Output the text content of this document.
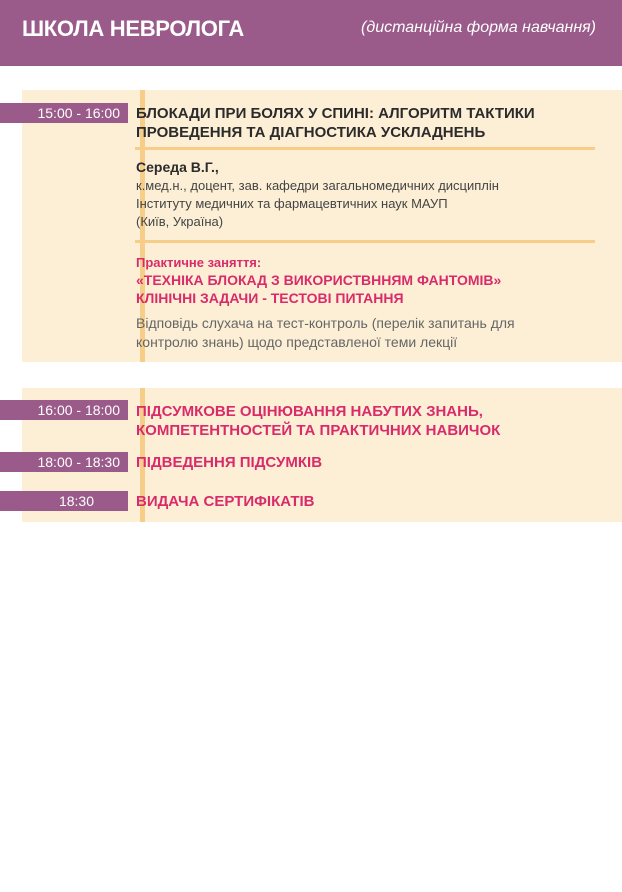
ШКОЛА НЕВРОЛОГА	(дистанційна форма навчання)
15:00 - 16:00	БЛОКАДИ ПРИ БОЛЯХ У СПИНІ: АЛГОРИТМ ТАКТИКИ
ПРОВЕДЕННЯ ТА ДІАГНОСТИКА УСКЛАДНЕНЬ
Середа В.Г.,
к.мед.н., доцент, зав. кафедри загальномедичних дисциплін
Інституту медичних та фармацевтичних наук МАУП
(Київ, Україна)
Практичне заняття:
«ТЕХНІКА БЛОКАД З ВИКОРИСТВННЯМ ФАНТОМІВ»
КЛІНІЧНІ ЗАДАЧИ - ТЕСТОВІ ПИТАННЯ
Відповідь слухача на тест-контроль (перелік запитань для
контролю знань) щодо представленої теми лекції
16:00 - 18:00	ПІДСУМКОВЕ ОЦІНЮВАННЯ НАБУТИХ ЗНАНЬ,
КОМПЕТЕНТНОСТЕЙ ТА ПРАКТИЧНИХ НАВИЧОК
18:00 - 18:30	ПІДВЕДЕННЯ ПІДСУМКІВ
18:30	ВИДАЧА СЕРТИФІКАТІВ
